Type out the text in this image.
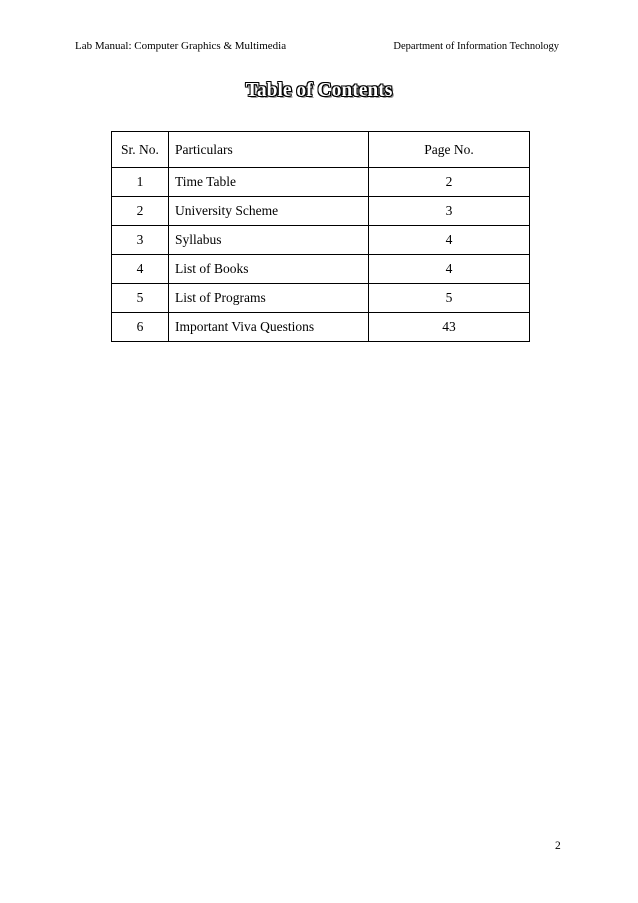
Lab Manual: Computer Graphics & Multimedia	Department of Information Technology
Table of Contents
Sr. No.	Particulars	Page No.
1	Time Table	2
2	University Scheme	3
3	Syllabus	4
4	List of Books	4
5	List of Programs	5
6	Important Viva Questions	43
2
